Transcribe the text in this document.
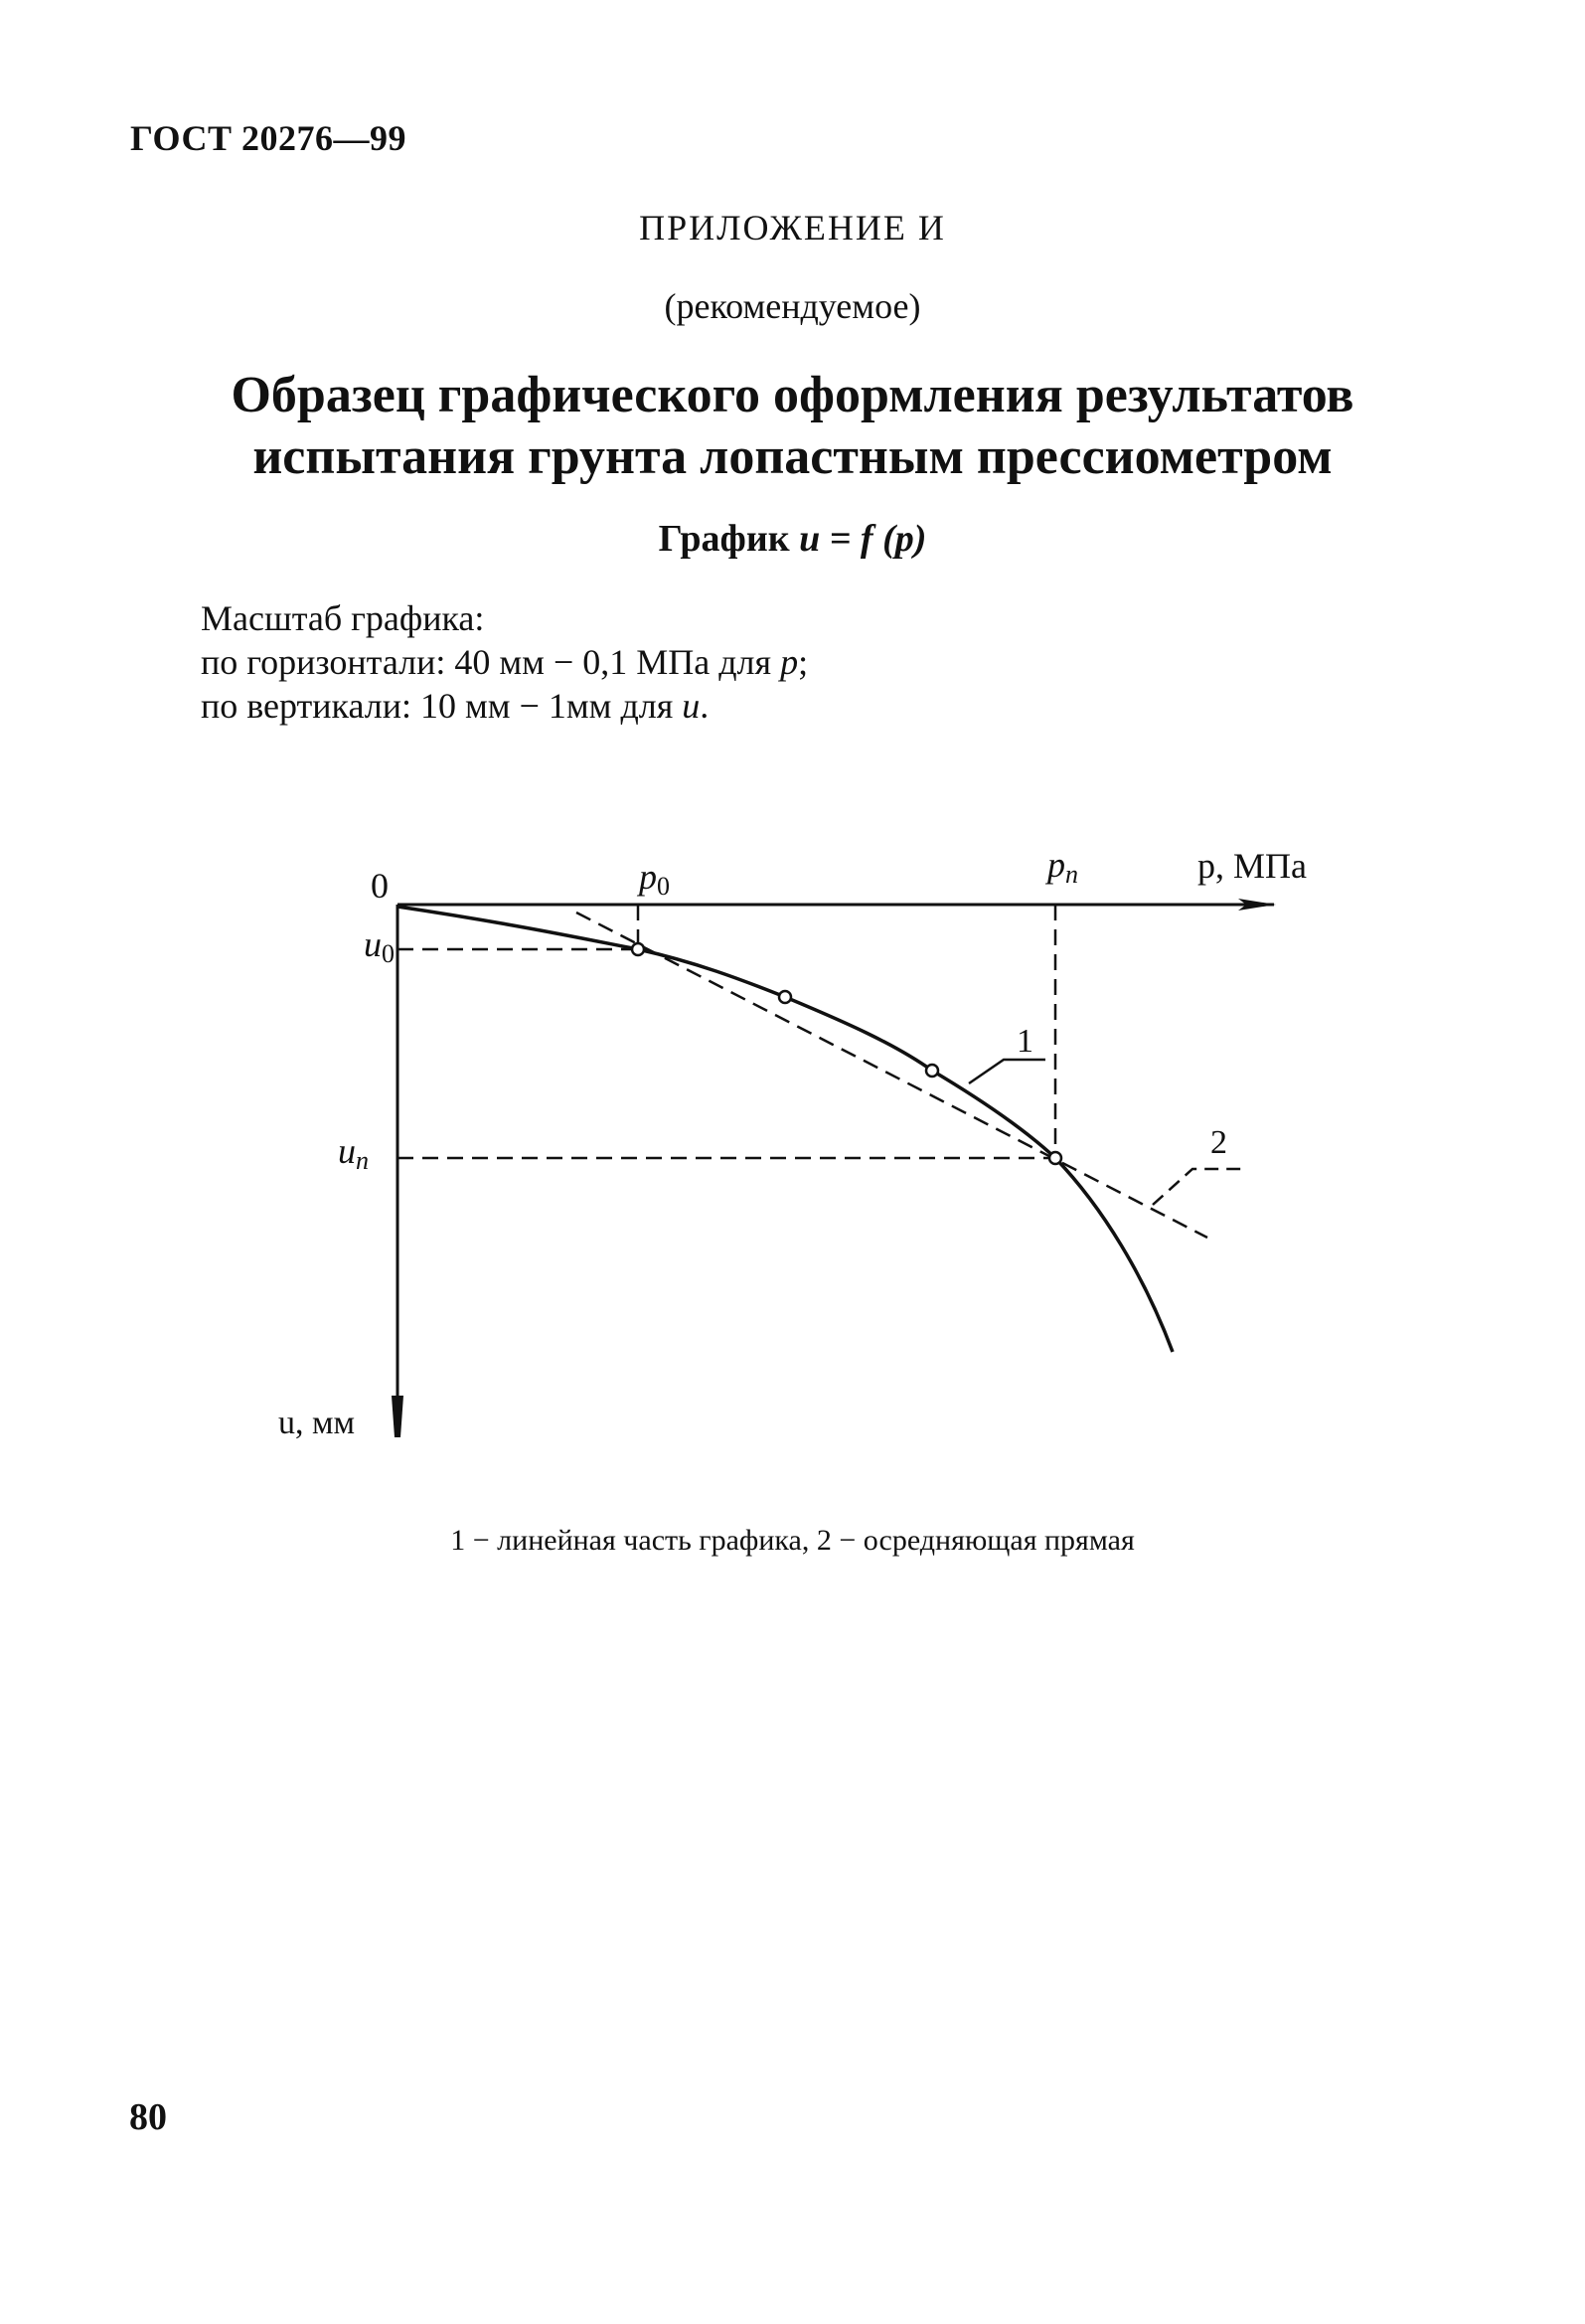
ГОСТ 20276—99
ПРИЛОЖЕНИЕ И
(рекомендуемое)
Образец графического оформления результатов
испытания грунта лопастным прессиометром
График u = f (p)
Масштаб графика:
по горизонтали: 40 мм − 0,1 МПа для p;
по вертикали: 10 мм − 1мм для u.
0	p, МПа
u, мм
p0
pn
u0
un
1
2
1 − линейная часть графика, 2 − осредняющая прямая
80
